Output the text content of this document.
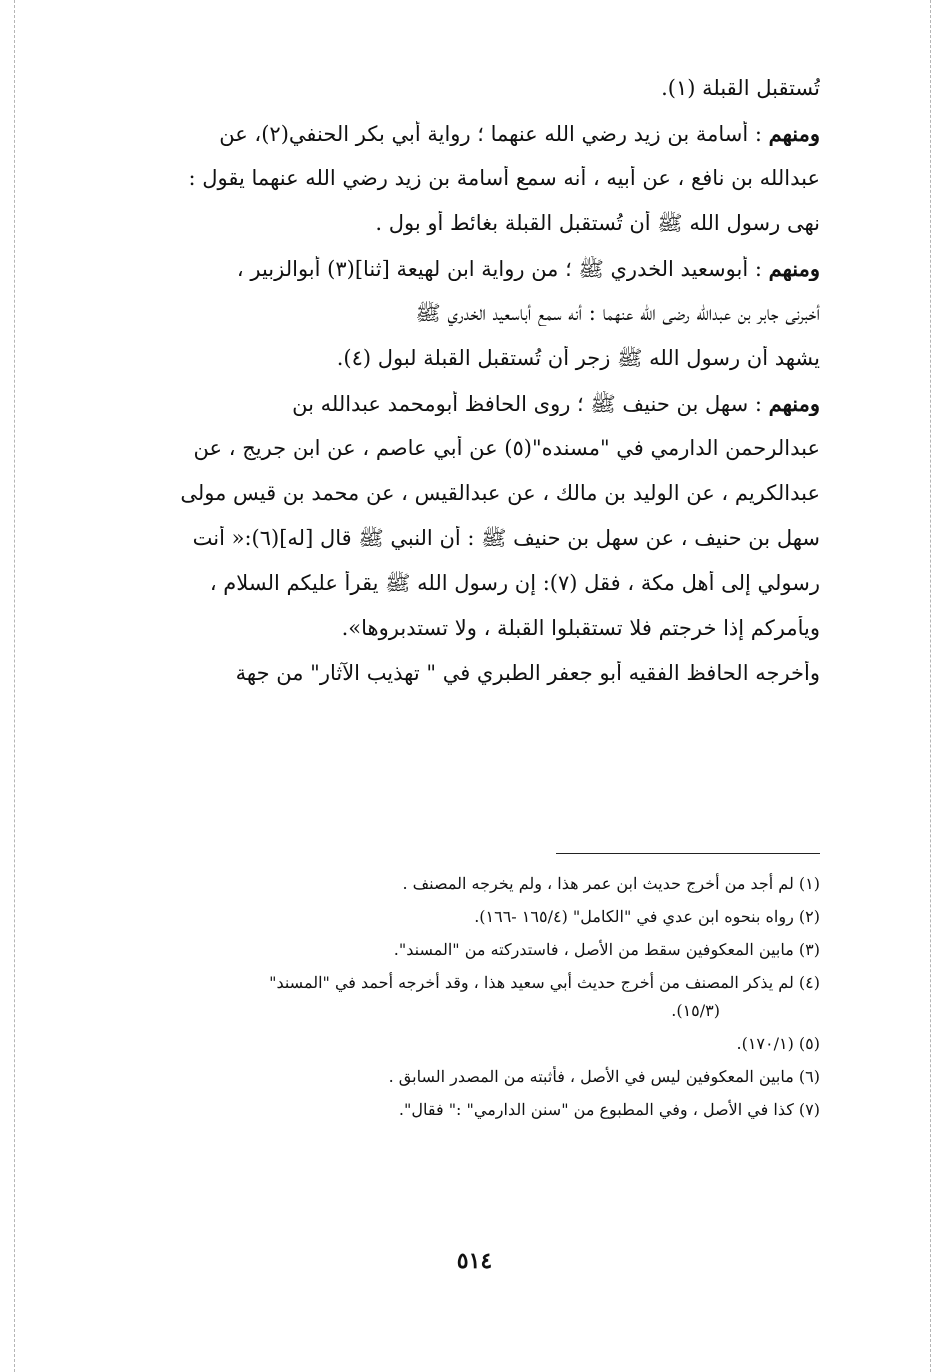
تُستقبل القبلة (١).
ومنهم : أسامة بن زيد رضي الله عنهما ؛ رواية أبي بكر الحنفي(٢)، عن
عبدالله بن نافع ، عن أبيه ، أنه سمع أسامة بن زيد رضي الله عنهما يقول :
نهى رسول الله ﷺ أن تُستقبل القبلة بغائط أو بول .
ومنهم : أبوسعيد الخدري ﷺ ؛ من رواية ابن لهيعة [ثنا](٣) أبوالزبير ،
أخبرني جابر بن عبدالله رضي الله عنهما : أنه سمع أباسعيد الخدري ﷺ
يشهد أن رسول الله ﷺ زجر أن تُستقبل القبلة لبول (٤).
ومنهم : سهل بن حنيف ﷺ ؛ روى الحافظ أبومحمد عبدالله بن
عبدالرحمن الدارمي في "مسنده"(٥) عن أبي عاصم ، عن ابن جريج ، عن
عبدالكريم ، عن الوليد بن مالك ، عن عبدالقيس ، عن محمد بن قيس مولى
سهل بن حنيف ، عن سهل بن حنيف ﷺ : أن النبي ﷺ قال [له](٦):« أنت
رسولي إلى أهل مكة ، فقل (٧): إن رسول الله ﷺ يقرأ عليكم السلام ،
ويأمركم إذا خرجتم فلا تستقبلوا القبلة ، ولا تستدبروها».
وأخرجه الحافظ الفقيه أبو جعفر الطبري في " تهذيب الآثار" من جهة
(١) لم أجد من أخرج حديث ابن عمر هذا ، ولم يخرجه المصنف .
(٢) رواه بنحوه ابن عدي في "الكامل" (١٦٥/٤ -١٦٦).
(٣) مابين المعكوفين سقط من الأصل ، فاستدركته من "المسند".
(٤) لم يذكر المصنف من أخرج حديث أبي سعيد هذا ، وقد أخرجه أحمد في "المسند"
(١٥/٣).
(٥) (١٧٠/١).
(٦) مابين المعكوفين ليس في الأصل ، فأثبته من المصدر السابق .
(٧) كذا في الأصل ، وفي المطبوع من "سنن الدارمي" :" فقال".
٥١٤
